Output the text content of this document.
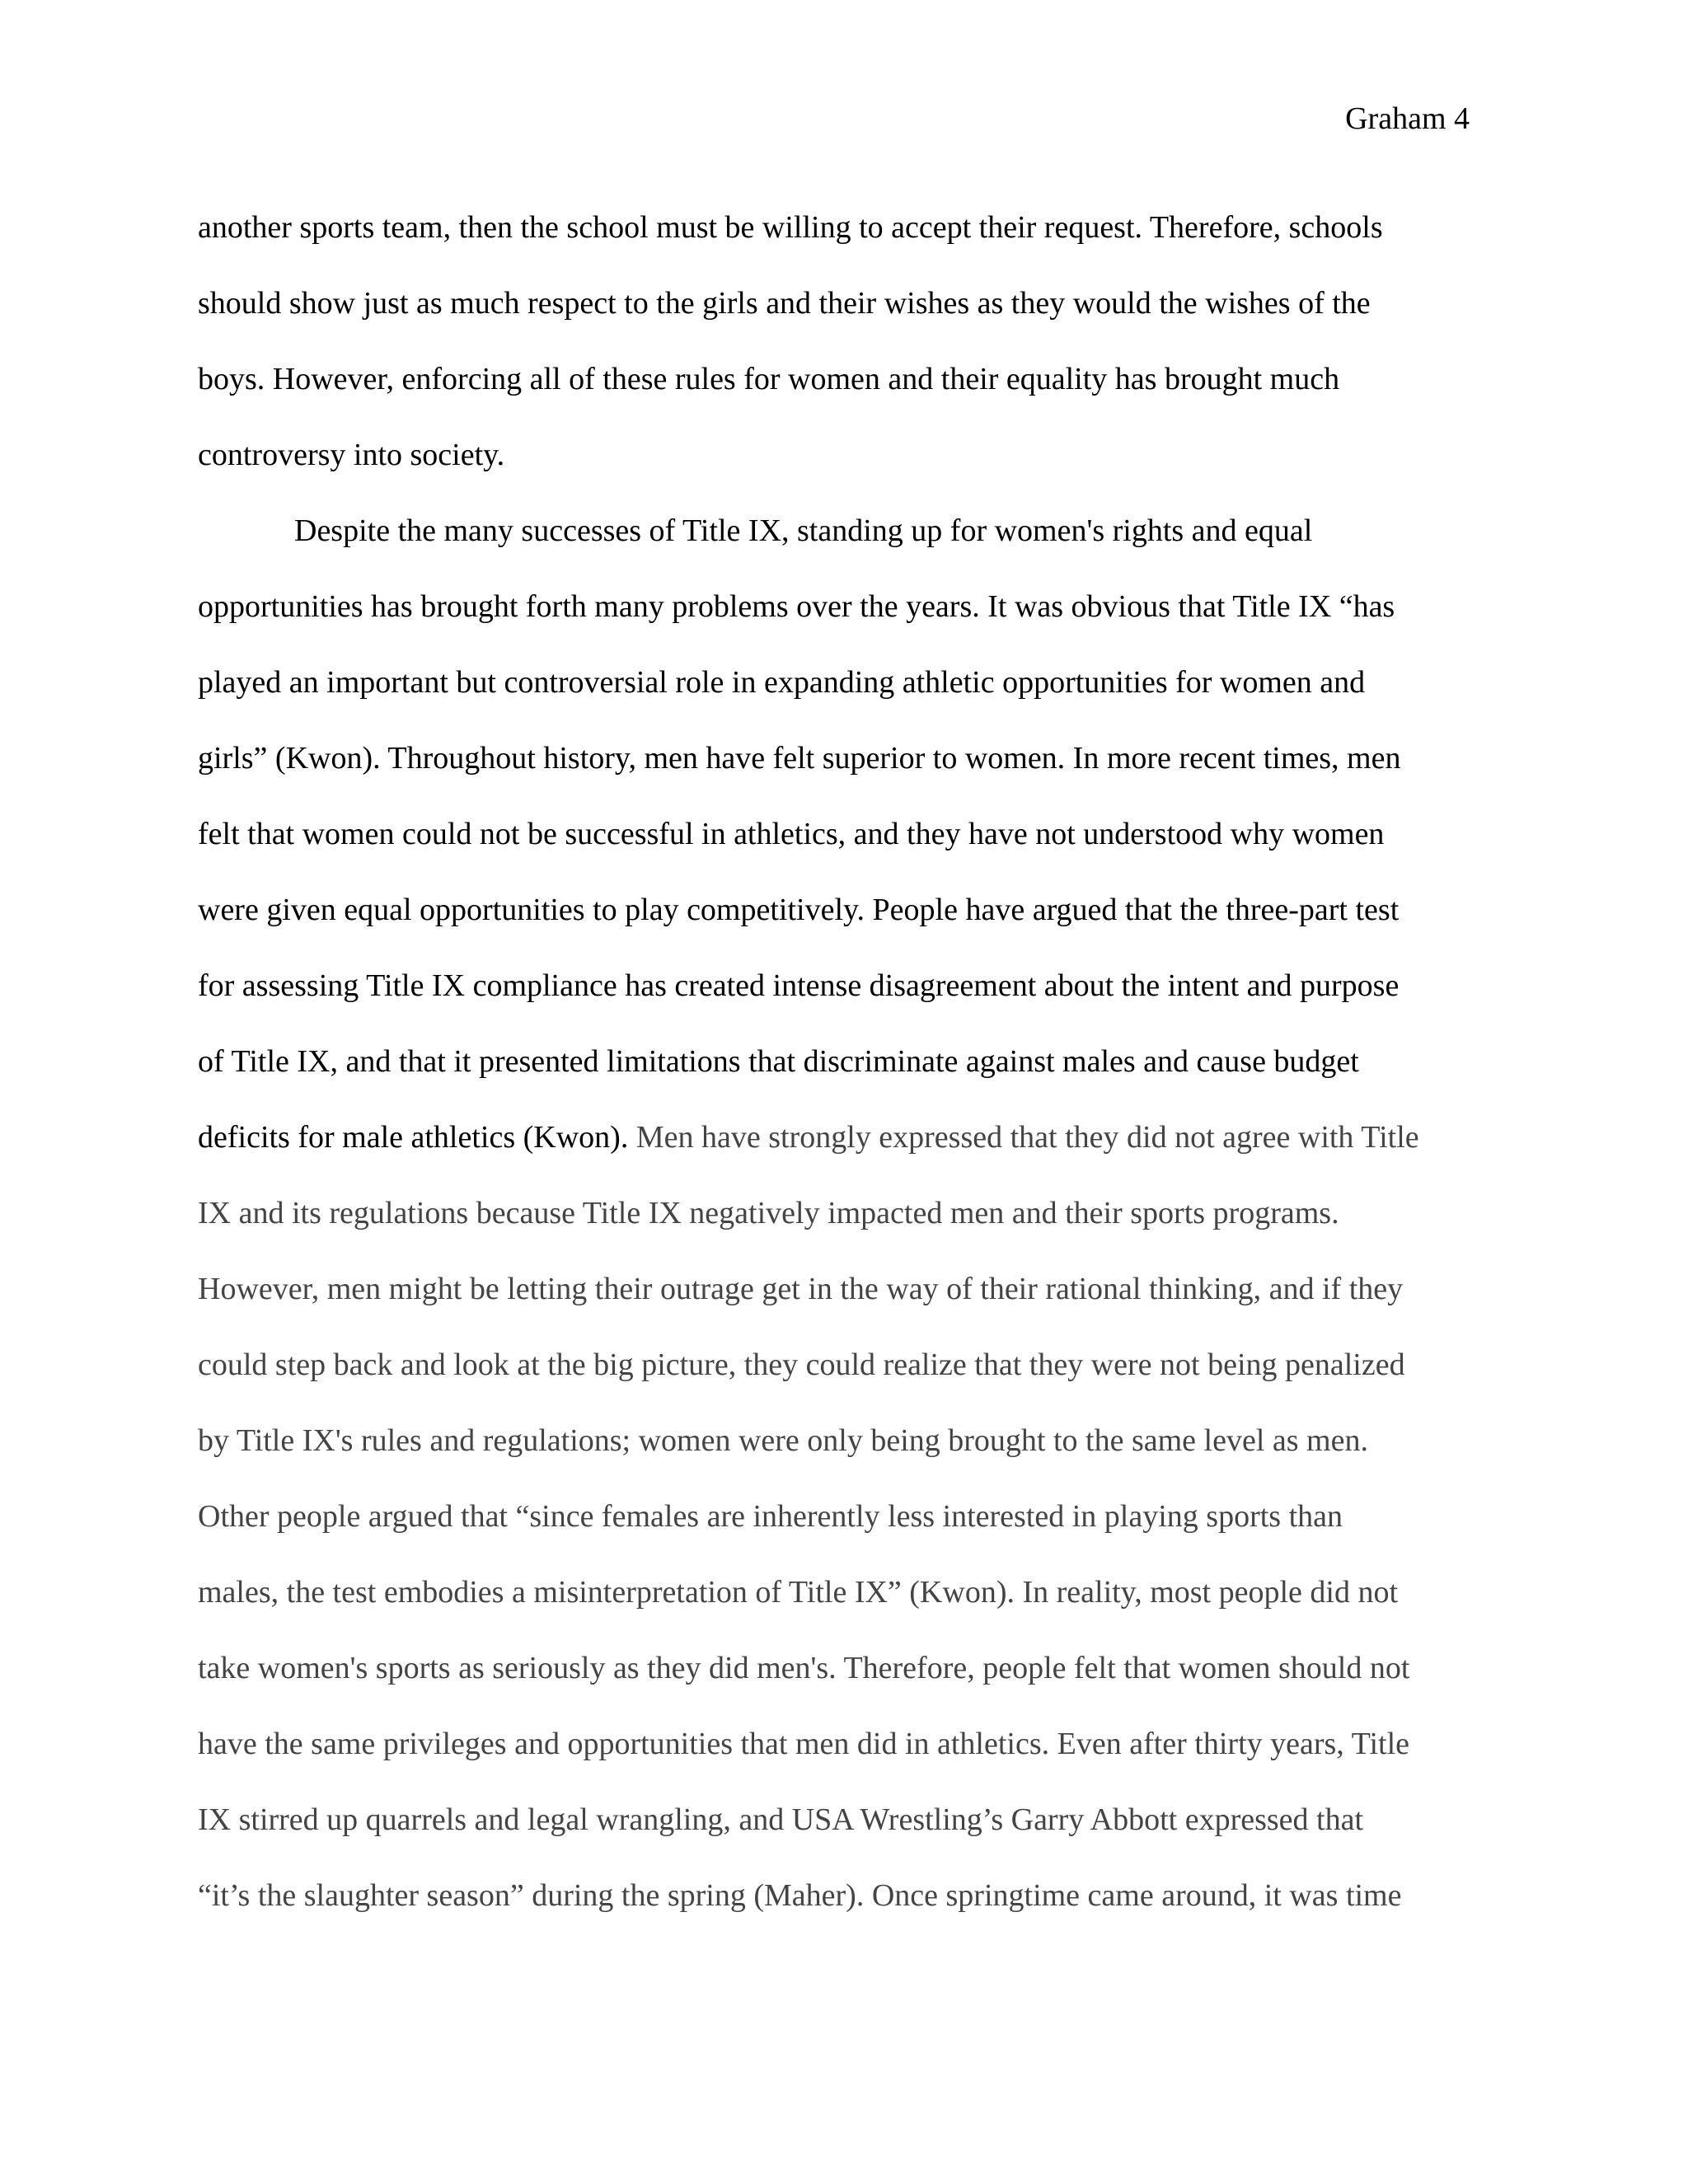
Graham 4
another sports team, then the school must be willing to accept their request. Therefore, schools
should show just as much respect to the girls and their wishes as they would the wishes of the
boys. However, enforcing all of these rules for women and their equality has brought much
controversy into society.
Despite the many successes of Title IX, standing up for women's rights and equal
opportunities has brought forth many problems over the years. It was obvious that Title IX “has
played an important but controversial role in expanding athletic opportunities for women and
girls” (Kwon). Throughout history, men have felt superior to women. In more recent times, men
felt that women could not be successful in athletics, and they have not understood why women
were given equal opportunities to play competitively. People have argued that the three-part test
for assessing Title IX compliance has created intense disagreement about the intent and purpose
of Title IX, and that it presented limitations that discriminate against males and cause budget
deficits for male athletics (Kwon). Men have strongly expressed that they did not agree with Title
IX and its regulations because Title IX negatively impacted men and their sports programs.
However, men might be letting their outrage get in the way of their rational thinking, and if they
could step back and look at the big picture, they could realize that they were not being penalized
by Title IX's rules and regulations; women were only being brought to the same level as men.
Other people argued that “since females are inherently less interested in playing sports than
males, the test embodies a misinterpretation of Title IX” (Kwon). In reality, most people did not
take women's sports as seriously as they did men's. Therefore, people felt that women should not
have the same privileges and opportunities that men did in athletics. Even after thirty years, Title
IX stirred up quarrels and legal wrangling, and USA Wrestling’s Garry Abbott expressed that
“it’s the slaughter season” during the spring (Maher). Once springtime came around, it was time
